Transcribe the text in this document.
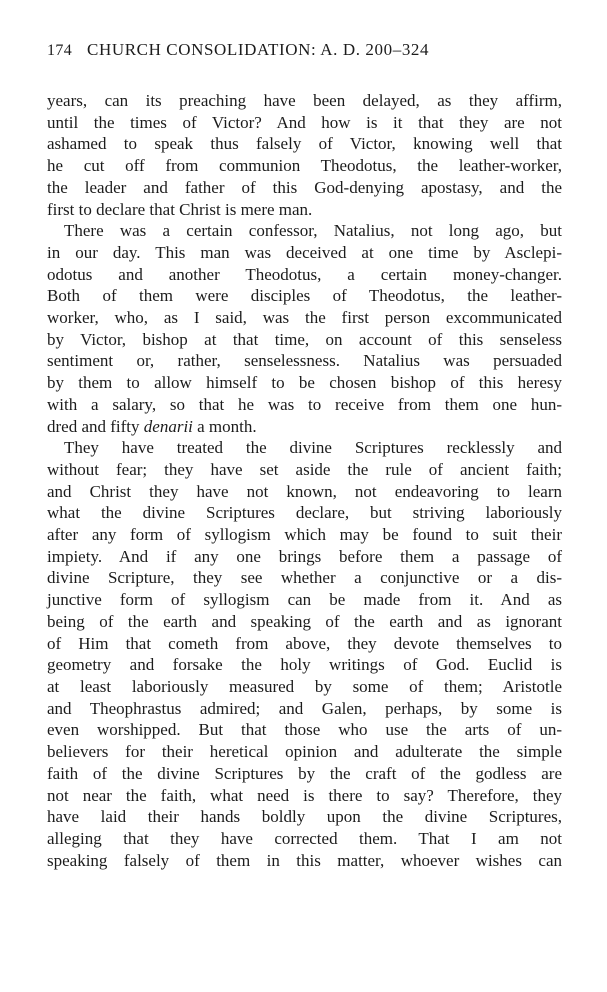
174 CHURCH CONSOLIDATION: A. D. 200–324
years, can its preaching have been delayed, as they affirm,
until the times of Victor? And how is it that they are not
ashamed to speak thus falsely of Victor, knowing well that
he cut off from communion Theodotus, the leather-worker,
the leader and father of this God-denying apostasy, and the
first to declare that Christ is mere man.
There was a certain confessor, Natalius, not long ago, but
in our day. This man was deceived at one time by Asclepi-
odotus and another Theodotus, a certain money-changer.
Both of them were disciples of Theodotus, the leather-
worker, who, as I said, was the first person excommunicated
by Victor, bishop at that time, on account of this senseless
sentiment or, rather, senselessness. Natalius was persuaded
by them to allow himself to be chosen bishop of this heresy
with a salary, so that he was to receive from them one hun-
dred and fifty denarii a month.
They have treated the divine Scriptures recklessly and
without fear; they have set aside the rule of ancient faith;
and Christ they have not known, not endeavoring to learn
what the divine Scriptures declare, but striving laboriously
after any form of syllogism which may be found to suit their
impiety. And if any one brings before them a passage of
divine Scripture, they see whether a conjunctive or a dis-
junctive form of syllogism can be made from it. And as
being of the earth and speaking of the earth and as ignorant
of Him that cometh from above, they devote themselves to
geometry and forsake the holy writings of God. Euclid is
at least laboriously measured by some of them; Aristotle
and Theophrastus admired; and Galen, perhaps, by some is
even worshipped. But that those who use the arts of un-
believers for their heretical opinion and adulterate the simple
faith of the divine Scriptures by the craft of the godless are
not near the faith, what need is there to say? Therefore, they
have laid their hands boldly upon the divine Scriptures,
alleging that they have corrected them. That I am not
speaking falsely of them in this matter, whoever wishes can
